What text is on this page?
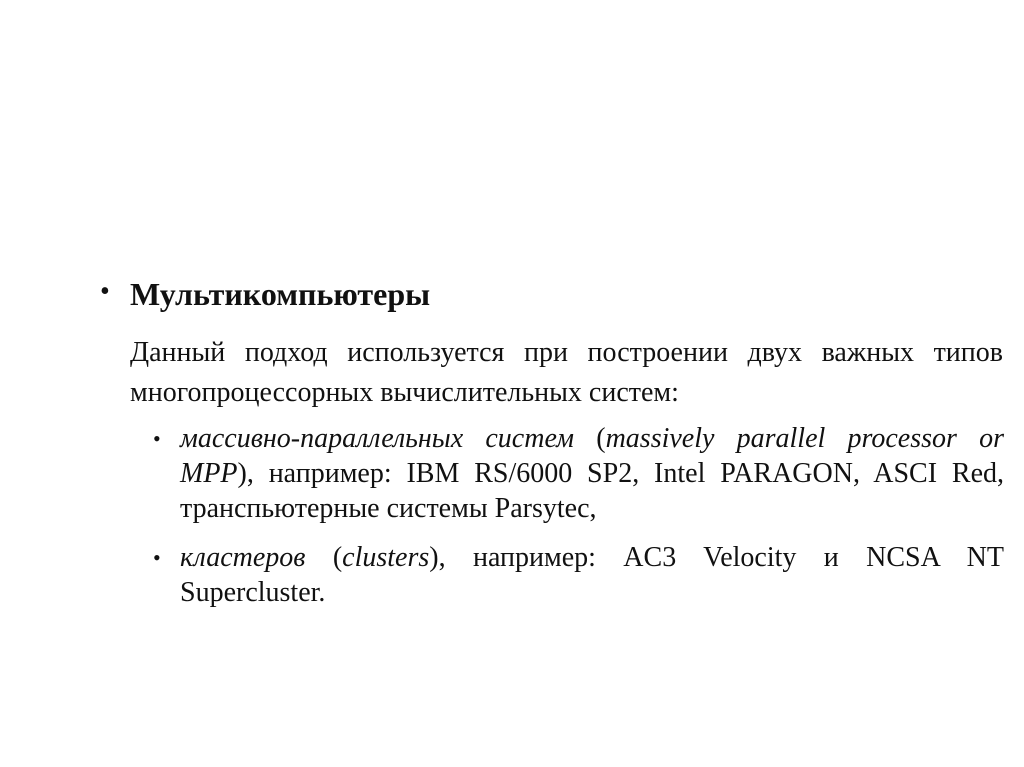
• Мультикомпьютеры

Данный подход используется при построении двух важных типов многопроцессорных вычислительных систем:

• массивно-параллельных систем (massively parallel processor or MPP), например: IBM RS/6000 SP2, Intel PARAGON, ASCI Red, транспьютерные системы Parsytec,
• кластеров (clusters), например: AC3 Velocity и NCSA NT Supercluster.
